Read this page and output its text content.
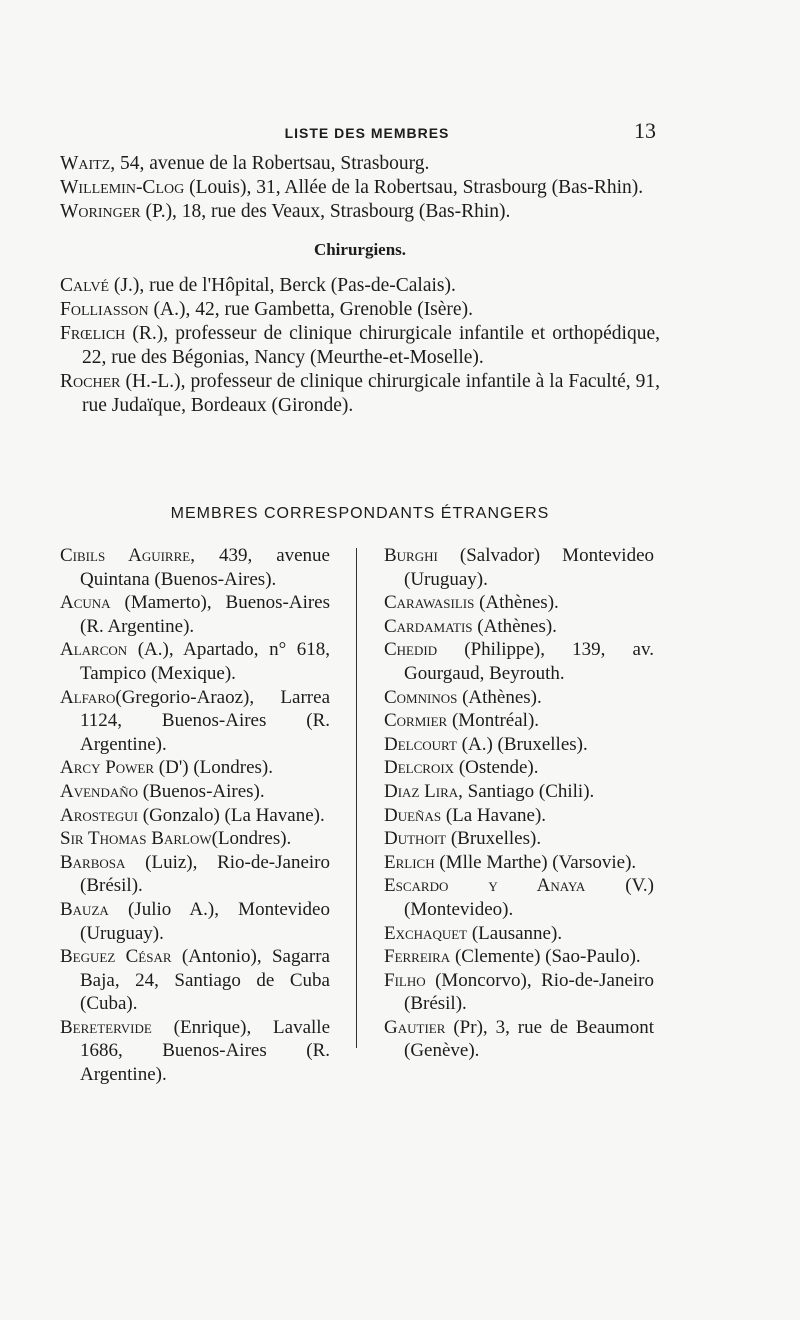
LISTE DES MEMBRES	13

Waitz, 54, avenue de la Robertsau, Strasbourg.

Willemin-Clog (Louis), 31, Allée de la Robertsau, Strasbourg (Bas-Rhin).

Woringer (P.), 18, rue des Veaux, Strasbourg (Bas-Rhin).

Chirurgiens.

Calvé (J.), rue de l'Hôpital, Berck (Pas-de-Calais).

Folliasson (A.), 42, rue Gambetta, Grenoble (Isère).

Frœlich (R.), professeur de clinique chirurgicale infantile et orthopédique, 22, rue des Bégonias, Nancy (Meurthe-et-Moselle).

Rocher (H.-L.), professeur de clinique chirurgicale infantile à la Faculté, 91, rue Judaïque, Bordeaux (Gironde).

MEMBRES CORRESPONDANTS ÉTRANGERS

Cibils Aguirre, 439, avenue Quintana (Buenos-Aires).

Acuna (Mamerto), Buenos-Aires (R. Argentine).

Alarcon (A.), Apartado, n° 618, Tampico (Mexique).

Alfaro(Gregorio-Araoz), Larrea 1124, Buenos-Aires (R. Argentine).

Arcy Power (D') (Londres).

Avendaño (Buenos-Aires).

Arostegui (Gonzalo) (La Havane).

Sir Thomas Barlow(Londres).

Barbosa (Luiz), Rio-de-Janeiro (Brésil).

Bauza (Julio A.), Montevideo (Uruguay).

Beguez César (Antonio), Sagarra Baja, 24, Santiago de Cuba (Cuba).

Beretervide (Enrique), Lavalle 1686, Buenos-Aires (R. Argentine).

Burghi (Salvador) Montevideo (Uruguay).

Carawasilis (Athènes).

Cardamatis (Athènes).

Chedid (Philippe), 139, av. Gourgaud, Beyrouth.

Comninos (Athènes).

Cormier (Montréal).

Delcourt (A.) (Bruxelles).

Delcroix (Ostende).

Diaz Lira, Santiago (Chili).

Dueñas (La Havane).

Duthoit (Bruxelles).

Erlich (Mlle Marthe) (Varsovie).

Escardo y Anaya (V.) (Montevideo).

Exchaquet (Lausanne).

Ferreira (Clemente) (Sao-Paulo).

Filho (Moncorvo), Rio-de-Janeiro (Brésil).

Gautier (Pr), 3, rue de Beaumont (Genève).
